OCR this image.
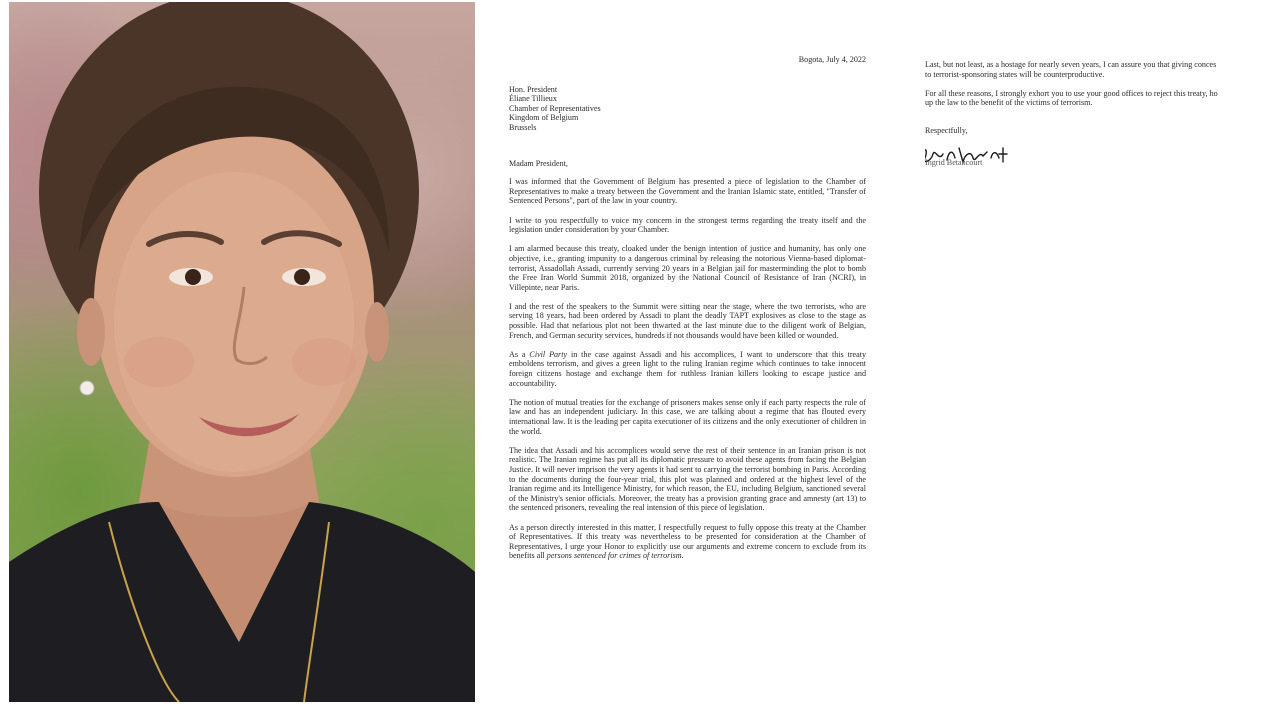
Bogota, July 4, 2022
Hon. President
Éliane Tillieux
Chamber of Representatives
Kingdom of Belgium
Brussels
Madam President,

I was informed that the Government of Belgium has presented a piece of legislation to the Chamber of Representatives to make a treaty between the Government and the Iranian Islamic state, entitled, "Transfer of Sentenced Persons", part of the law in your country.

I write to you respectfully to voice my concern in the strongest terms regarding the treaty itself and the legislation under consideration by your Chamber.

I am alarmed because this treaty, cloaked under the benign intention of justice and humanity, has only one objective, i.e., granting impunity to a dangerous criminal by releasing the notorious Vienna-based diplomat-terrorist, Assadollah Assadi, currently serving 20 years in a Belgian jail for masterminding the plot to bomb the Free Iran World Summit 2018, organized by the National Council of Resistance of Iran (NCRI), in Villepinte, near Paris.

I and the rest of the speakers to the Summit were sitting near the stage, where the two terrorists, who are serving 18 years, had been ordered by Assadi to plant the deadly TAPT explosives as close to the stage as possible. Had that nefarious plot not been thwarted at the last minute due to the diligent work of Belgian, French, and German security services, hundreds if not thousands would have been killed or wounded.

As a Civil Party in the case against Assadi and his accomplices, I want to underscore that this treaty emboldens terrorism, and gives a green light to the ruling Iranian regime which continues to take innocent foreign citizens hostage and exchange them for ruthless Iranian killers looking to escape justice and accountability.

The notion of mutual treaties for the exchange of prisoners makes sense only if each party respects the rule of law and has an independent judiciary. In this case, we are talking about a regime that has flouted every international law. It is the leading per capita executioner of its citizens and the only executioner of children in the world.

The idea that Assadi and his accomplices would serve the rest of their sentence in an Iranian prison is not realistic. The Iranian regime has put all its diplomatic pressure to avoid these agents from facing the Belgian Justice. It will never imprison the very agents it had sent to carrying the terrorist bombing in Paris. According to the documents during the four-year trial, this plot was planned and ordered at the highest level of the Iranian regime and its Intelligence Ministry, for which reason, the EU, including Belgium, sanctioned several of the Ministry's senior officials. Moreover, the treaty has a provision granting grace and amnesty (art 13) to the sentenced prisoners, revealing the real intension of this piece of legislation.

As a person directly interested in this matter, I respectfully request to fully oppose this treaty at the Chamber of Representatives. If this treaty was nevertheless to be presented for consideration at the Chamber of Representatives, I urge your Honor to explicitly use our arguments and extreme concern to exclude from its benefits all persons sentenced for crimes of terrorism.

Last, but not least, as a hostage for nearly seven years, I can assure you that giving conces
to terrorist-sponsoring states will be counterproductive.

For all these reasons, I strongly exhort you to use your good offices to reject this treaty, ho
up the law to the benefit of the victims of terrorism.

Respectfully,
Ingrid Betancourt
